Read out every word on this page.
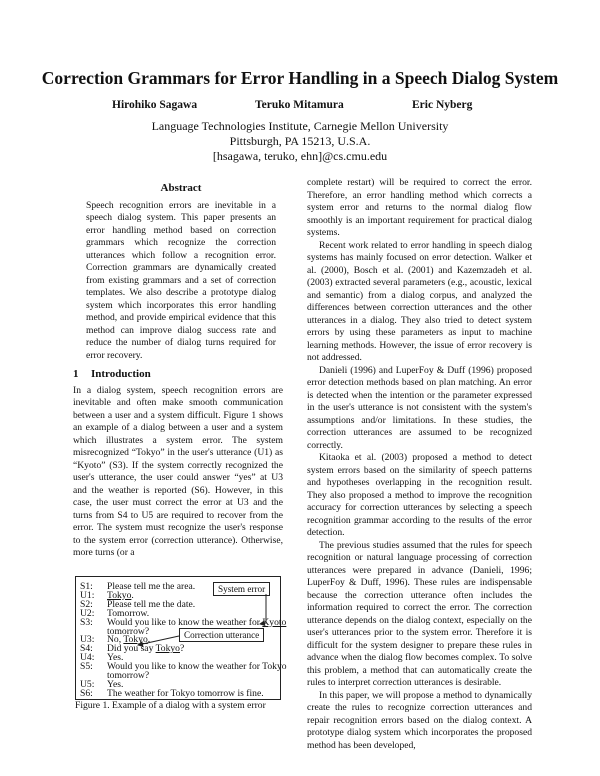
Correction Grammars for Error Handling in a Speech Dialog System
Hirohiko Sagawa	Teruko Mitamura	Eric Nyberg
Language Technologies Institute, Carnegie Mellon University
Pittsburgh, PA 15213, U.S.A.
[hsagawa, teruko, ehn]@cs.cmu.edu
Abstract

Speech recognition errors are inevitable in a speech dialog system. This paper presents an error handling method based on correction grammars which recognize the correction utterances which follow a recognition error. Correction grammars are dynamically created from existing grammars and a set of correction templates. We also describe a prototype dialog system which incorporates this error handling method, and provide empirical evidence that this method can improve dialog success rate and reduce the number of dialog turns required for error recovery.

1 Introduction

In a dialog system, speech recognition errors are inevitable and often make smooth communication between a user and a system difficult. Figure 1 shows an example of a dialog between a user and a system which illustrates a system error. The system misrecognized “Tokyo” in the user's utterance (U1) as “Kyoto” (S3). If the system correctly recognized the user's utterance, the user could answer “yes” at U3 and the weather is reported (S6). However, in this case, the user must correct the error at U3 and the turns from S4 to U5 are required to recover from the error. The system must recognize the user's response to the system error (correction utterance). Otherwise, more turns (or a

S1: Please tell me the area.
U1: Tokyo.
S2: Please tell me the date.
U2: Tomorrow.
S3: Would you like to know the weather for Kyoto
tomorrow?
U3: No, Tokyo.
S4: Did you say Tokyo?
U4: Yes.
S5: Would you like to know the weather for Tokyo
tomorrow?
U5: Yes.
S6: The weather for Tokyo tomorrow is fine.
System error
Correction utterance
Figure 1. Example of a dialog with a system error

complete restart) will be required to correct the error. Therefore, an error handling method which corrects a system error and returns to the normal dialog flow smoothly is an important requirement for practical dialog systems.

Recent work related to error handling in speech dialog systems has mainly focused on error detection. Walker et al. (2000), Bosch et al. (2001) and Kazemzadeh et al. (2003) extracted several parameters (e.g., acoustic, lexical and semantic) from a dialog corpus, and analyzed the differences between correction utterances and the other utterances in a dialog. They also tried to detect system errors by using these parameters as input to machine learning methods. However, the issue of error recovery is not addressed.

Danieli (1996) and LuperFoy & Duff (1996) proposed error detection methods based on plan matching. An error is detected when the intention or the parameter expressed in the user's utterance is not consistent with the system's assumptions and/or limitations. In these studies, the correction utterances are assumed to be recognized correctly.

Kitaoka et al. (2003) proposed a method to detect system errors based on the similarity of speech patterns and hypotheses overlapping in the recognition result. They also proposed a method to improve the recognition accuracy for correction utterances by selecting a speech recognition grammar according to the results of the error detection.

The previous studies assumed that the rules for speech recognition or natural language processing of correction utterances were prepared in advance (Danieli, 1996; LuperFoy & Duff, 1996). These rules are indispensable because the correction utterance often includes the information required to correct the error. The correction utterance depends on the dialog context, especially on the user's utterances prior to the system error. Therefore it is difficult for the system designer to prepare these rules in advance when the dialog flow becomes complex. To solve this problem, a method that can automatically create the rules to interpret correction utterances is desirable.

In this paper, we will propose a method to dynamically create the rules to recognize correction utterances and repair recognition errors based on the dialog context. A prototype dialog system which incorporates the proposed method has been developed,
